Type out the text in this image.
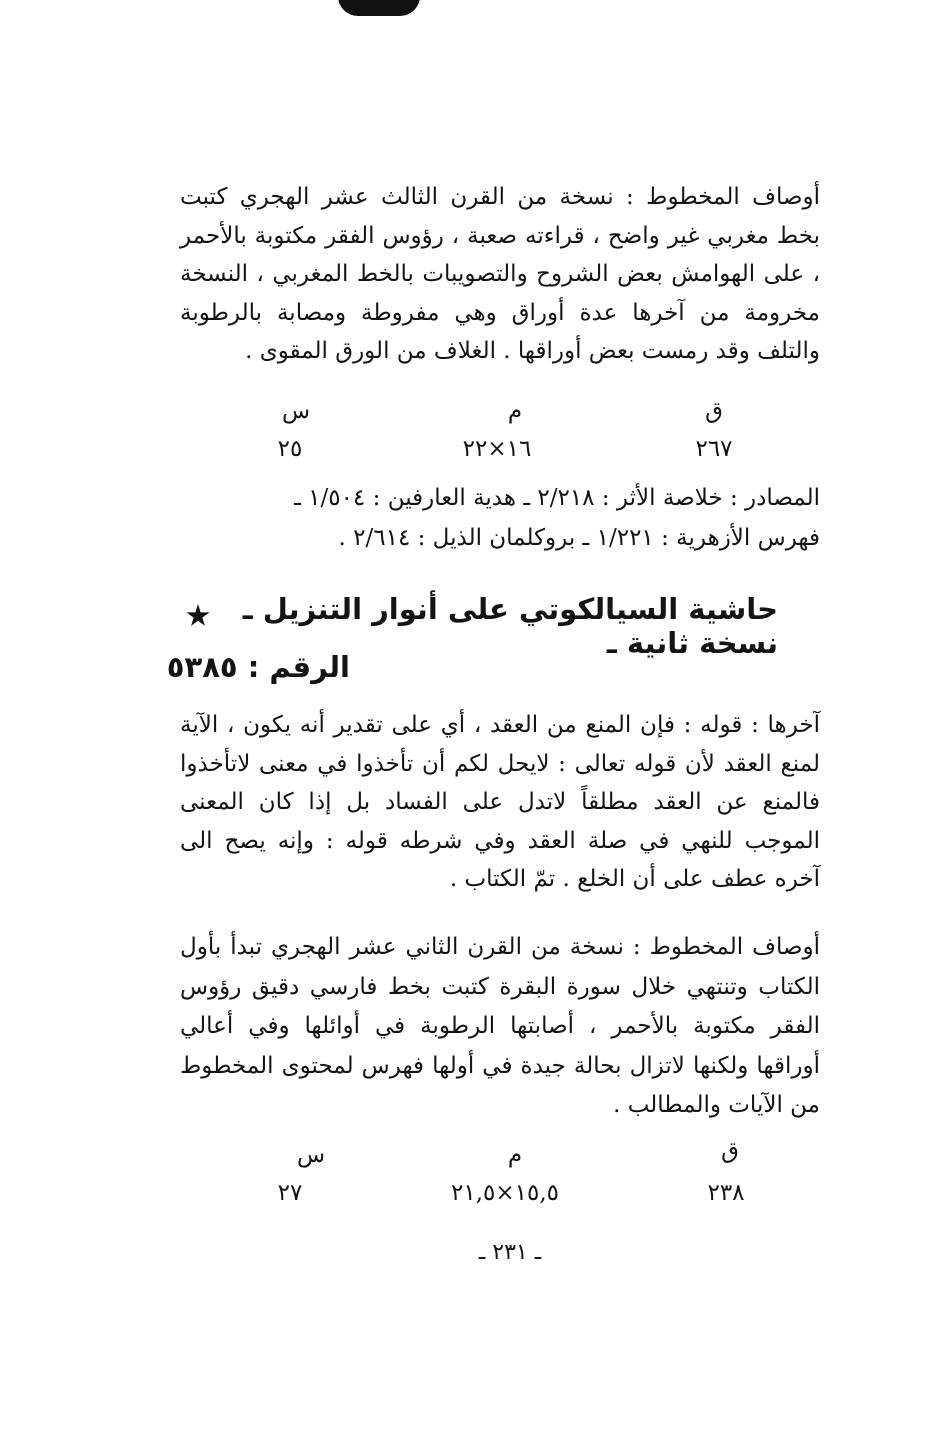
أوصاف المخطوط : نسخة من القرن الثالث عشر الهجري كتبت بخط مغربي غير واضح ، قراءته صعبة ، رؤوس الفقر مكتوبة بالأحمر ، على الهوامش بعض الشروح والتصويبات بالخط المغربي ، النسخة مخرومة من آخرها عدة أوراق وهي مفروطة ومصابة بالرطوبة والتلف وقد رمست بعض أوراقها . الغلاف من الورق المقوى .

ق
م
س
٢٦٧
١٦×٢٢
٢٥
المصادر : خلاصة الأثر : ٢/٢١٨ ـ هدية العارفين : ١/٥٠٤ ـ
فهرس الأزهرية : ١/٢٢١ ـ بروكلمان الذيل : ٢/٦١٤ .
حاشية السيالكوتي على أنوار التنزيل ـ نسخة ثانية ـ
الرقم : ٥٣٨٥

آخرها : قوله : فإن المنع من العقد ، أي على تقدير أنه يكون ، الآية لمنع العقد لأن قوله تعالى : لايحل لكم أن تأخذوا في معنى لاتأخذوا فالمنع عن العقد مطلقاً لاتدل على الفساد بل إذا كان المعنى الموجب للنهي في صلة العقد وفي شرطه قوله : وإنه يصح الى آخره عطف على أن الخلع . تمّ الكتاب .

أوصاف المخطوط : نسخة من القرن الثاني عشر الهجري تبدأ بأول الكتاب وتنتهي خلال سورة البقرة كتبت بخط فارسي دقيق رؤوس الفقر مكتوبة بالأحمر ، أصابتها الرطوبة في أوائلها وفي أعالي أوراقها ولكنها لاتزال بحالة جيدة في أولها فهرس لمحتوى المخطوط من الآيات والمطالب .

ق
م
س
٢٣٨
١٥,٥×٢١,٥
٢٧
ـ ٢٣١ ـ
